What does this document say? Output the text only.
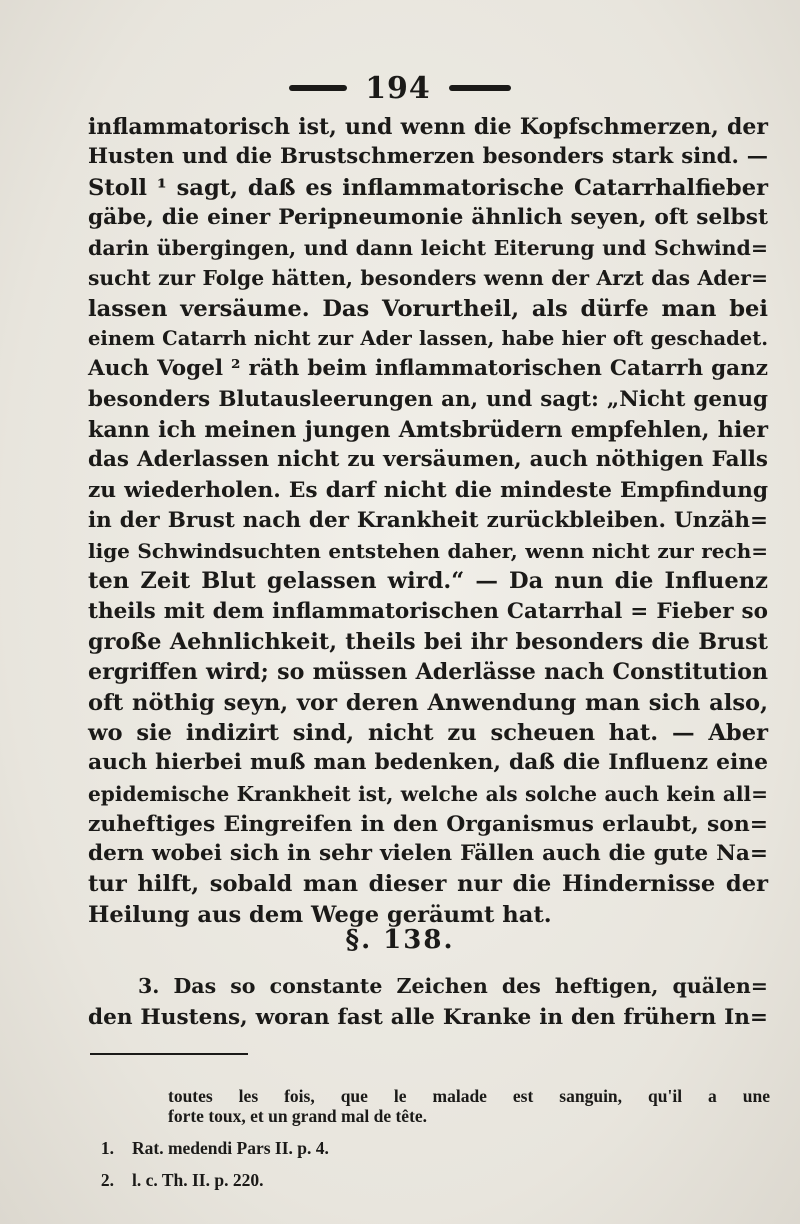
194
inflammatorisch ist, und wenn die Kopfschmerzen, der
Husten und die Brustschmerzen besonders stark sind. —
Stoll ¹ sagt, daß es inflammatorische Catarrhalfieber
gäbe, die einer Peripneumonie ähnlich seyen, oft selbst
darin übergingen, und dann leicht Eiterung und Schwind=
sucht zur Folge hätten, besonders wenn der Arzt das Ader=
lassen versäume. Das Vorurtheil, als dürfe man bei
einem Catarrh nicht zur Ader lassen, habe hier oft geschadet.
Auch Vogel ² räth beim inflammatorischen Catarrh ganz
besonders Blutausleerungen an, und sagt: „Nicht genug
kann ich meinen jungen Amtsbrüdern empfehlen, hier
das Aderlassen nicht zu versäumen, auch nöthigen Falls
zu wiederholen. Es darf nicht die mindeste Empfindung
in der Brust nach der Krankheit zurückbleiben. Unzäh=
lige Schwindsuchten entstehen daher, wenn nicht zur rech=
ten Zeit Blut gelassen wird.“ — Da nun die Influenz
theils mit dem inflammatorischen Catarrhal = Fieber so
große Aehnlichkeit, theils bei ihr besonders die Brust
ergriffen wird; so müssen Aderlässe nach Constitution
oft nöthig seyn, vor deren Anwendung man sich also,
wo sie indizirt sind, nicht zu scheuen hat. — Aber
auch hierbei muß man bedenken, daß die Influenz eine
epidemische Krankheit ist, welche als solche auch kein all=
zuheftiges Eingreifen in den Organismus erlaubt, son=
dern wobei sich in sehr vielen Fällen auch die gute Na=
tur hilft, sobald man dieser nur die Hindernisse der
Heilung aus dem Wege geräumt hat.
§. 138.
3. Das so constante Zeichen des heftigen, quälen=
den Hustens, woran fast alle Kranke in den frühern In=
toutes les fois, que le malade est sanguin, qu'il a une
forte toux, et un grand mal de tête.
1. Rat. medendi Pars II. p. 4.
2. l. c. Th. II. p. 220.
